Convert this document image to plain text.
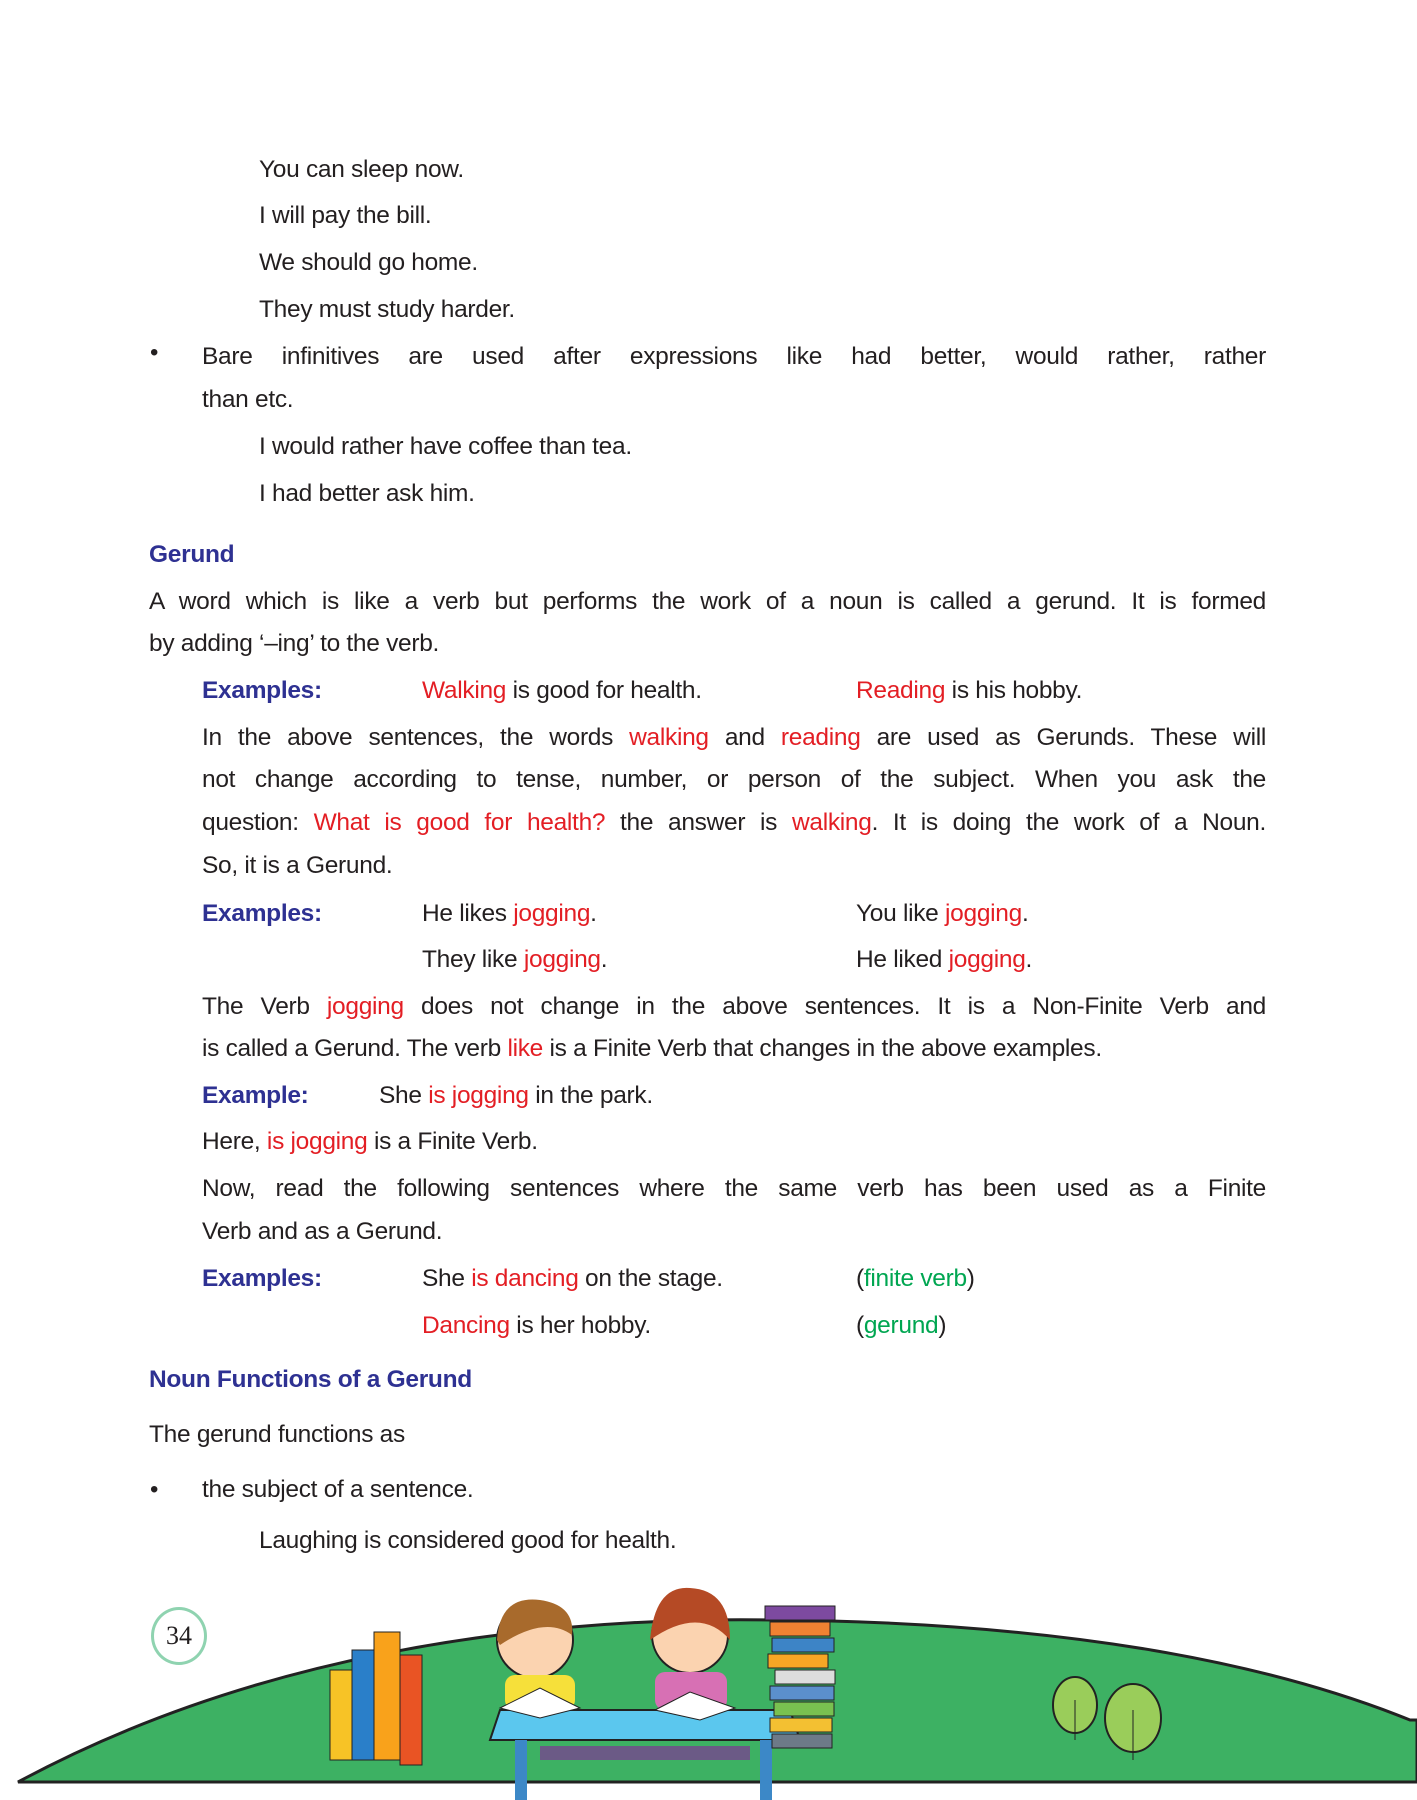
You can sleep now.
I will pay the bill.
We should go home.
They must study harder.
Bare infinitives are used after expressions like had better, would rather, rather
than etc.
I would rather have coffee than tea.
I had better ask him.
Gerund
A word which is like a verb but performs the work of a noun is called a gerund. It is formed
by adding ‘–ing’ to the verb.
Examples:	Walking is good for health.	Reading is his hobby.
In the above sentences, the words walking and reading are used as Gerunds. These will
not change according to tense, number, or person of the subject. When you ask the
question: What is good for health? the answer is walking. It is doing the work of a Noun.
So, it is a Gerund.
Examples:	He likes jogging.	You like jogging.
They like jogging.	He liked jogging.
The Verb jogging does not change in the above sentences. It is a Non-Finite Verb and
is called a Gerund. The verb like is a Finite Verb that changes in the above examples.
Example:	She is jogging in the park.
Here, is jogging is a Finite Verb.
Now, read the following sentences where the same verb has been used as a Finite
Verb and as a Gerund.
Examples:	She is dancing on the stage.	(finite verb)
Dancing is her hobby.	(gerund)
Noun Functions of a Gerund
The gerund functions as
the subject of a sentence.
Laughing is considered good for health.
•
•
34
